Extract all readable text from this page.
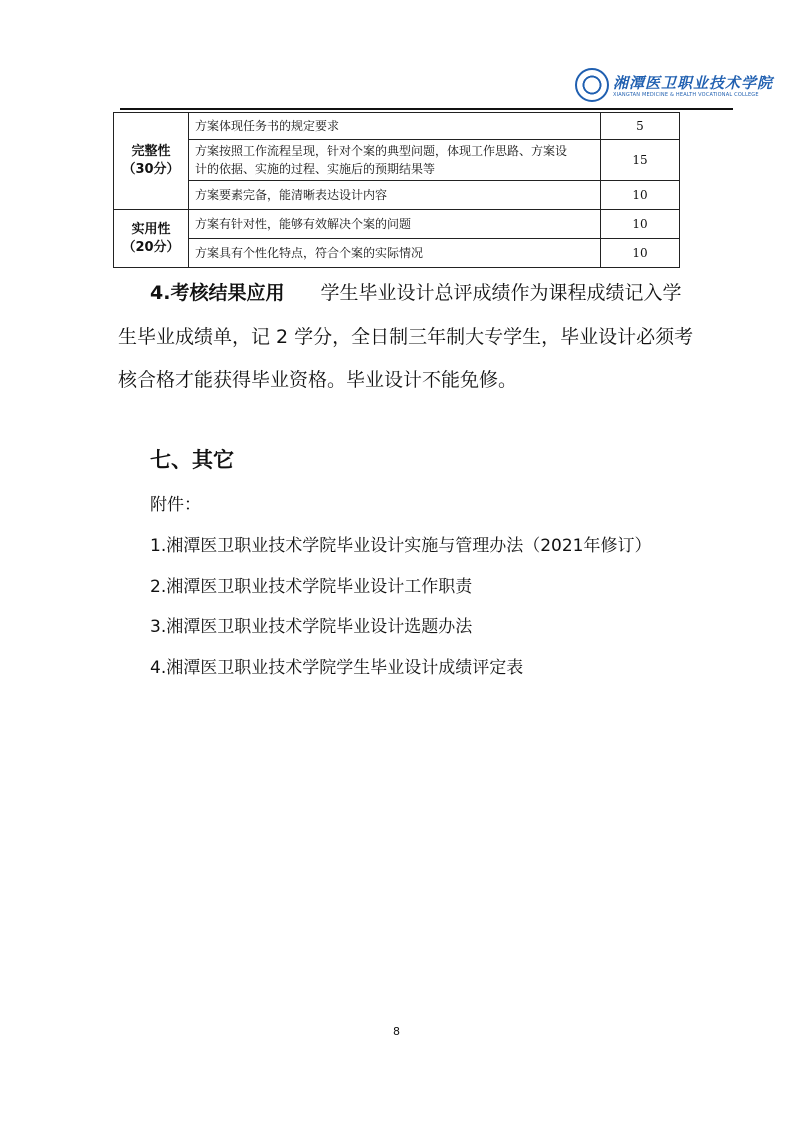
湘潭医卫职业技术学院
XIANGTAN MEDICINE & HEALTH VOCATIONAL COLLEGE
完整性
（30分）	方案体现任务书的规定要求	5

	方案按照工作流程呈现，针对个案的典型问题，体现工作思路、方案设
计的依据、实施的过程、实施后的预期结果等	15
	方案要素完备，能清晰表达设计内容	10

实用性
（20分）	方案有针对性，能够有效解决个案的问题	10
	方案具有个性化特点，符合个案的实际情况	10
4.考核结果应用 学生毕业设计总评成绩作为课程成绩记入学
生毕业成绩单，记 2 学分，全日制三年制大专学生，毕业设计必须考
核合格才能获得毕业资格。毕业设计不能免修。
七、其它
附件：
1.湘潭医卫职业技术学院毕业设计实施与管理办法（2021年修订）
2.湘潭医卫职业技术学院毕业设计工作职责
3.湘潭医卫职业技术学院毕业设计选题办法
4.湘潭医卫职业技术学院学生毕业设计成绩评定表
8
